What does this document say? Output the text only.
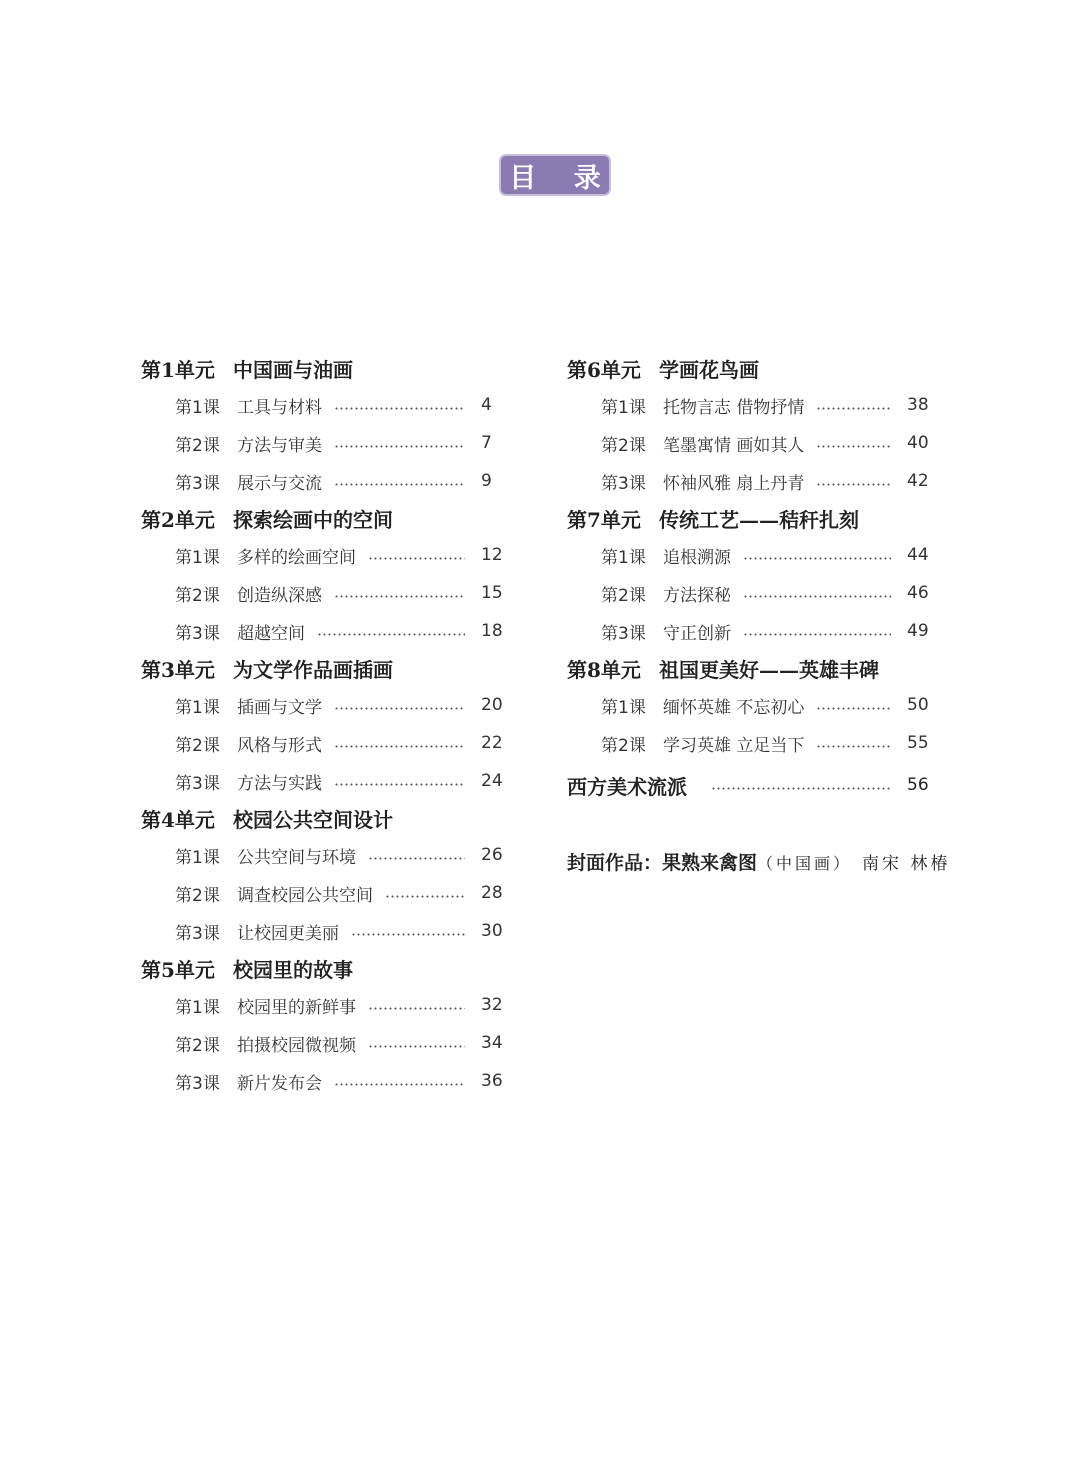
目 录
第1单元 中国画与油画
第1课	工具与材料	4
第2课	方法与审美	7
第3课	展示与交流	9
第2单元 探索绘画中的空间
第1课	多样的绘画空间	12
第2课	创造纵深感	15
第3课	超越空间	18
第3单元 为文学作品画插画
第1课	插画与文学	20
第2课	风格与形式	22
第3课	方法与实践	24
第4单元 校园公共空间设计
第1课	公共空间与环境	26
第2课	调查校园公共空间	28
第3课	让校园更美丽	30
第5单元 校园里的故事
第1课	校园里的新鲜事	32
第2课	拍摄校园微视频	34
第3课	新片发布会	36
第6单元 学画花鸟画
第1课	托物言志 借物抒情	38
第2课	笔墨寓情 画如其人	40
第3课	怀袖风雅 扇上丹青	42
第7单元 传统工艺——秸秆扎刻
第1课	追根溯源	44
第2课	方法探秘	46
第3课	守正创新	49
第8单元 祖国更美好——英雄丰碑
第1课	缅怀英雄 不忘初心	50
第2课	学习英雄 立足当下	55
西方美术流派	56
封面作品：果熟来禽图（中国画） 南宋 林椿
